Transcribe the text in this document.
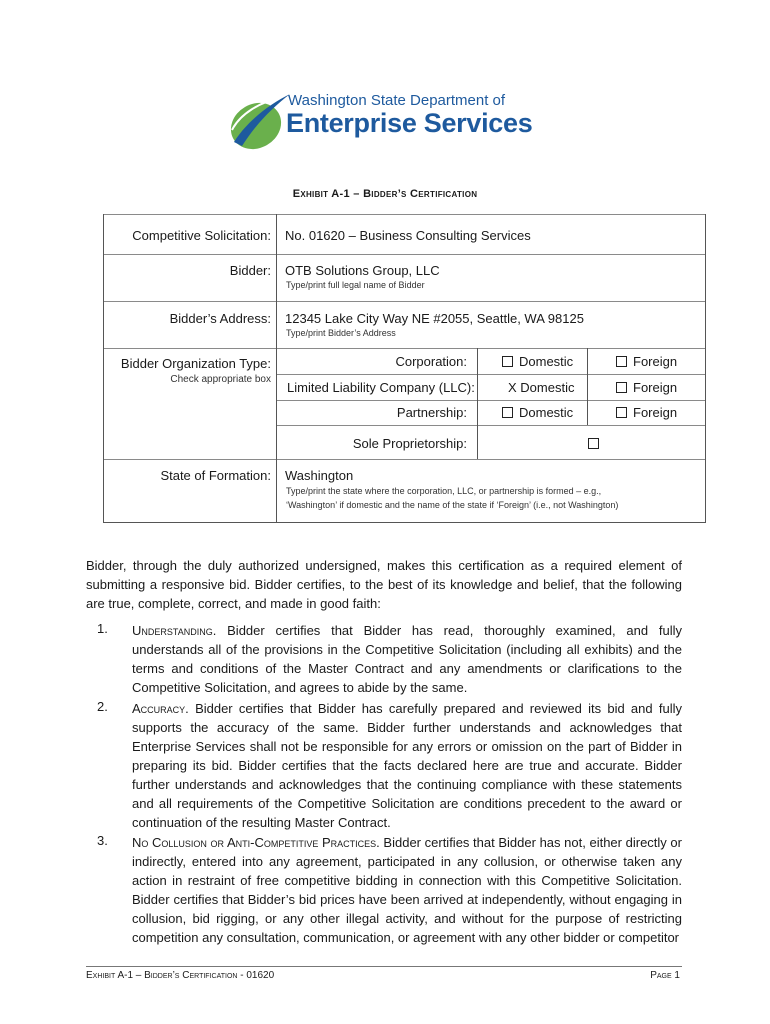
Washington State Department of
Enterprise Services
Exhibit A-1 – Bidder’s Certification
Competitive Solicitation: No. 01620 – Business Consulting Services
Bidder: OTB Solutions Group, LLC
Type/print full legal name of Bidder
Bidder’s Address: 12345 Lake City Way NE #2055, Seattle, WA 98125
Type/print Bidder’s Address
Bidder Organization Type:
Check appropriate box
Corporation:	Domestic	Foreign
Limited Liability Company (LLC):	X Domestic	Foreign
Partnership:	Domestic	Foreign
Sole Proprietorship:
State of Formation: Washington
Type/print the state where the corporation, LLC, or partnership is formed – e.g.,
‘Washington’ if domestic and the name of the state if ‘Foreign’ (i.e., not Washington)
Bidder, through the duly authorized undersigned, makes this certification as a required element of submitting a responsive bid. Bidder certifies, to the best of its knowledge and belief, that the following are true, complete, correct, and made in good faith:
1. Understanding. Bidder certifies that Bidder has read, thoroughly examined, and fully understands all of the provisions in the Competitive Solicitation (including all exhibits) and the terms and conditions of the Master Contract and any amendments or clarifications to the Competitive Solicitation, and agrees to abide by the same.
2. Accuracy. Bidder certifies that Bidder has carefully prepared and reviewed its bid and fully supports the accuracy of the same. Bidder further understands and acknowledges that Enterprise Services shall not be responsible for any errors or omission on the part of Bidder in preparing its bid. Bidder certifies that the facts declared here are true and accurate. Bidder further understands and acknowledges that the continuing compliance with these statements and all requirements of the Competitive Solicitation are conditions precedent to the award or continuation of the resulting Master Contract.
3. No Collusion or Anti-Competitive Practices. Bidder certifies that Bidder has not, either directly or indirectly, entered into any agreement, participated in any collusion, or otherwise taken any action in restraint of free competitive bidding in connection with this Competitive Solicitation. Bidder certifies that Bidder’s bid prices have been arrived at independently, without engaging in collusion, bid rigging, or any other illegal activity, and without for the purpose of restricting competition any consultation, communication, or agreement with any other bidder or competitor
Exhibit A-1 – Bidder’s Certification - 01620	Page 1
